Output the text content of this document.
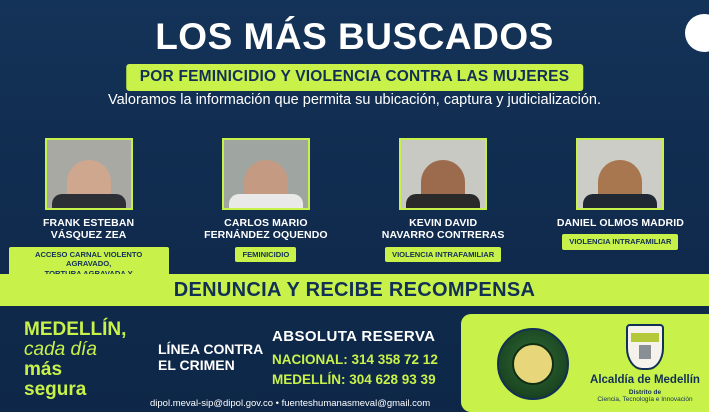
LOS MÁS BUSCADOS
POR FEMINICIDIO Y VIOLENCIA CONTRA LAS MUJERES
Valoramos la información que permita su ubicación, captura y judicialización.
FRANK ESTEBAN
VÁSQUEZ ZEA
ACCESO CARNAL VIOLENTO AGRAVADO,

CARLOS MARIO
FERNÁNDEZ OQUENDO
FEMINICIDIO
KEVIN DAVID
NAVARRO CONTRERAS
VIOLENCIA INTRAFAMILIAR
DANIEL OLMOS MADRID
VIOLENCIA INTRAFAMILIAR
DENUNCIA Y RECIBE RECOMPENSA
MEDELLÍN,
cada día
más
segura
LÍNEA CONTRA
EL CRIMEN
ABSOLUTA RESERVA
NACIONAL: 314 358 72 12
MEDELLÍN: 304 628 93 39
dipol.meval-sip@dipol.gov.co • fuenteshumanasmeval@gmail.com
Alcaldía de Medellín
Distrito de
Ciencia, Tecnología e Innovación
